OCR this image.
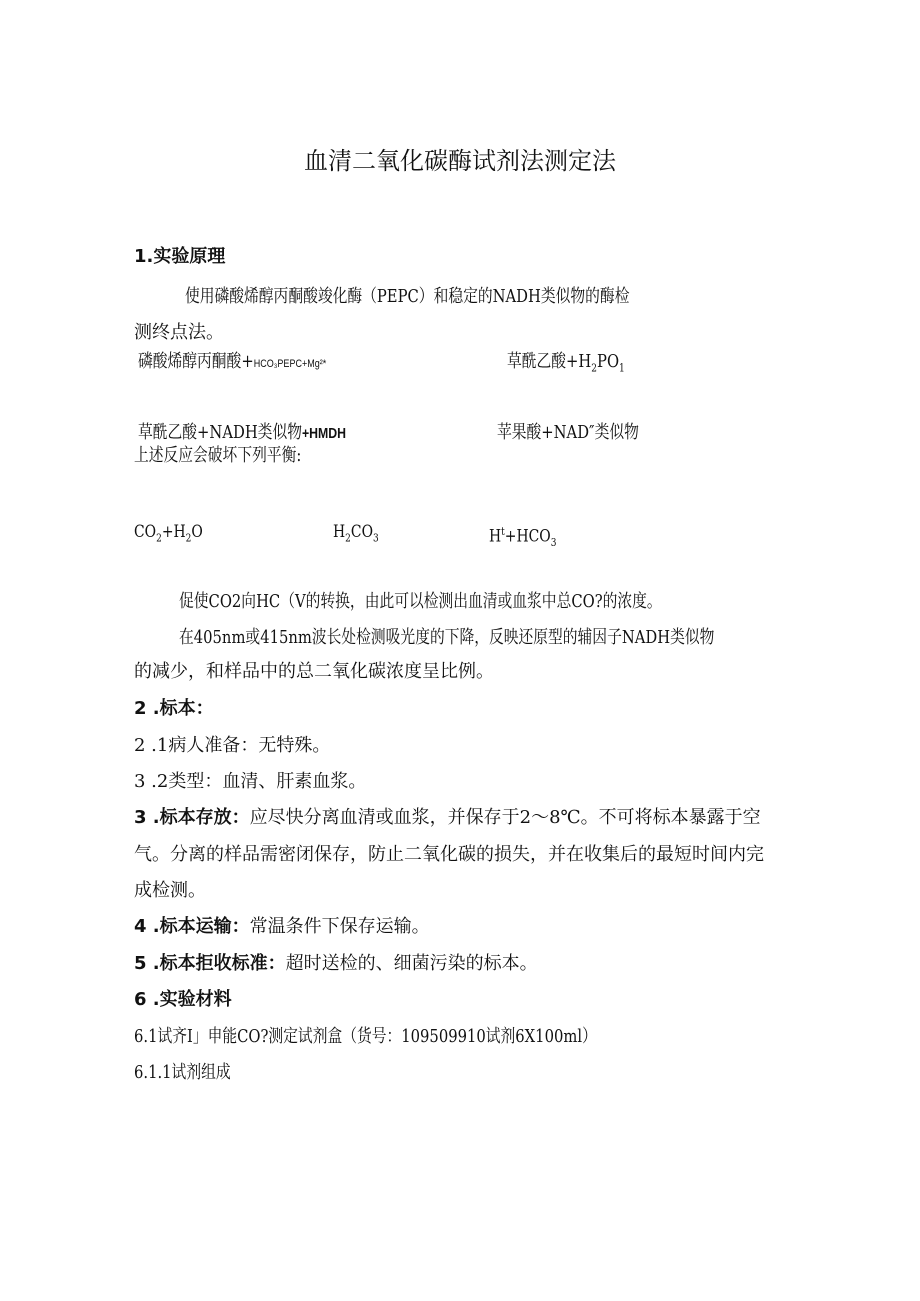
血清二氧化碳酶试剂法测定法
1.实验原理
使用磷酸烯醇丙酮酸竣化酶（PEPC）和稳定的NADH类似物的酶检
测终点法。
磷酸烯醇丙酮酸+HCO₃PEPC+Mg²*	草酰乙酸$+H_2PO_1$
草酰乙酸+NADH类似物+HMDH	苹果酸+NAD″类似物
上述反应会破坏下列平衡:
$CO_2+H_2O$	$H_2CO_3$	$H^t+HCO_3$
促使CO2向HC（V的转换，由此可以检测出血清或血浆中总CO?的浓度。
在405nm或415nm波长处检测吸光度的下降，反映还原型的辅因子NADH类似物
的减少，和样品中的总二氧化碳浓度呈比例。
2 .标本：
2 .1病人准备：无特殊。
3 .2类型：血清、肝素血浆。
3 .标本存放：应尽快分离血清或血浆，并保存于2～8℃。不可将标本暴露于空
气。分离的样品需密闭保存，防止二氧化碳的损失，并在收集后的最短时间内完
成检测。
4 .标本运输：常温条件下保存运输。
5 .标本拒收标准：超时送检的、细菌污染的标本。
6 .实验材料
6.1试齐I」申能CO?测定试剂盒（货号：109509910试剂6X100ml）
6.1.1试剂组成
